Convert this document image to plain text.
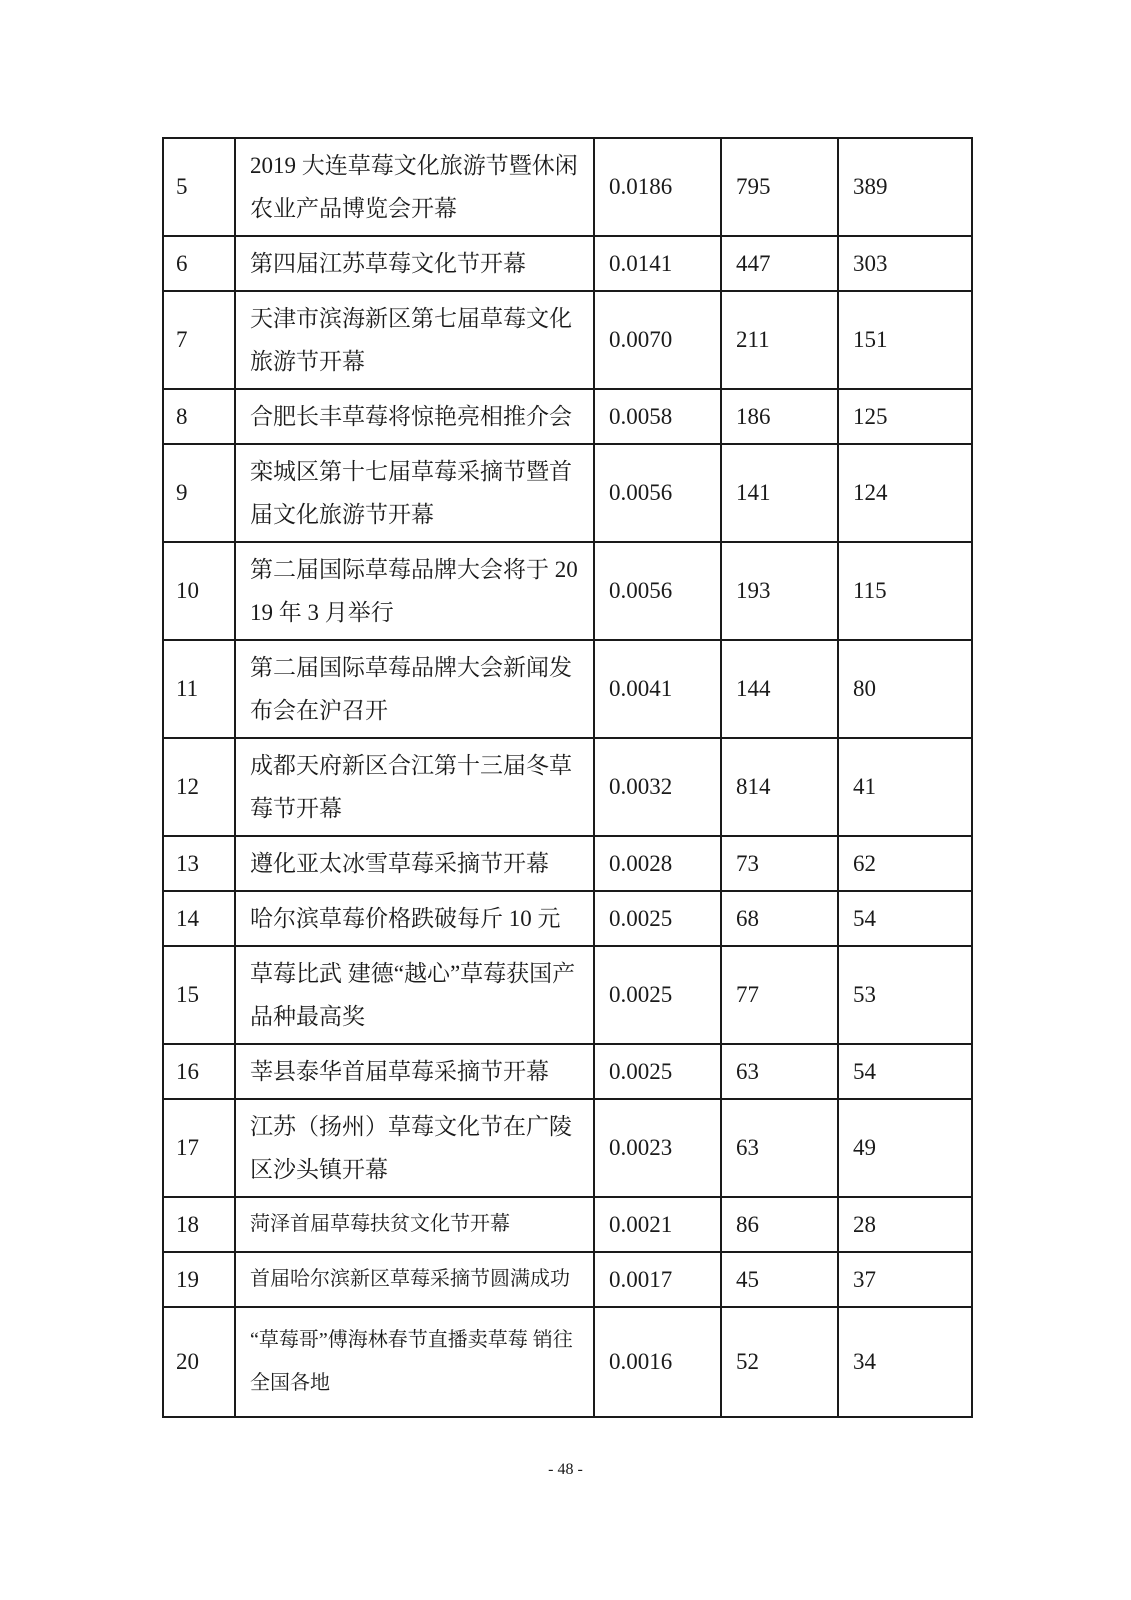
5	2019 大连草莓文化旅游节暨休闲农业产品博览会开幕	0.0186	795	389
6	第四届江苏草莓文化节开幕	0.0141	447	303
7	天津市滨海新区第七届草莓文化旅游节开幕	0.0070	211	151
8	合肥长丰草莓将惊艳亮相推介会	0.0058	186	125
9	栾城区第十七届草莓采摘节暨首届文化旅游节开幕	0.0056	141	124
10	第二届国际草莓品牌大会将于 2019 年 3 月举行	0.0056	193	115
11	第二届国际草莓品牌大会新闻发布会在沪召开	0.0041	144	80
12	成都天府新区合江第十三届冬草莓节开幕	0.0032	814	41
13	遵化亚太冰雪草莓采摘节开幕	0.0028	73	62
14	哈尔滨草莓价格跌破每斤 10 元	0.0025	68	54
15	草莓比武 建德“越心”草莓获国产品种最高奖	0.0025	77	53
16	莘县泰华首届草莓采摘节开幕	0.0025	63	54
17	江苏（扬州）草莓文化节在广陵区沙头镇开幕	0.0023	63	49
18	菏泽首届草莓扶贫文化节开幕	0.0021	86	28
19	首届哈尔滨新区草莓采摘节圆满成功	0.0017	45	37
20	“草莓哥”傅海林春节直播卖草莓 销往全国各地	0.0016	52	34
- 48 -
